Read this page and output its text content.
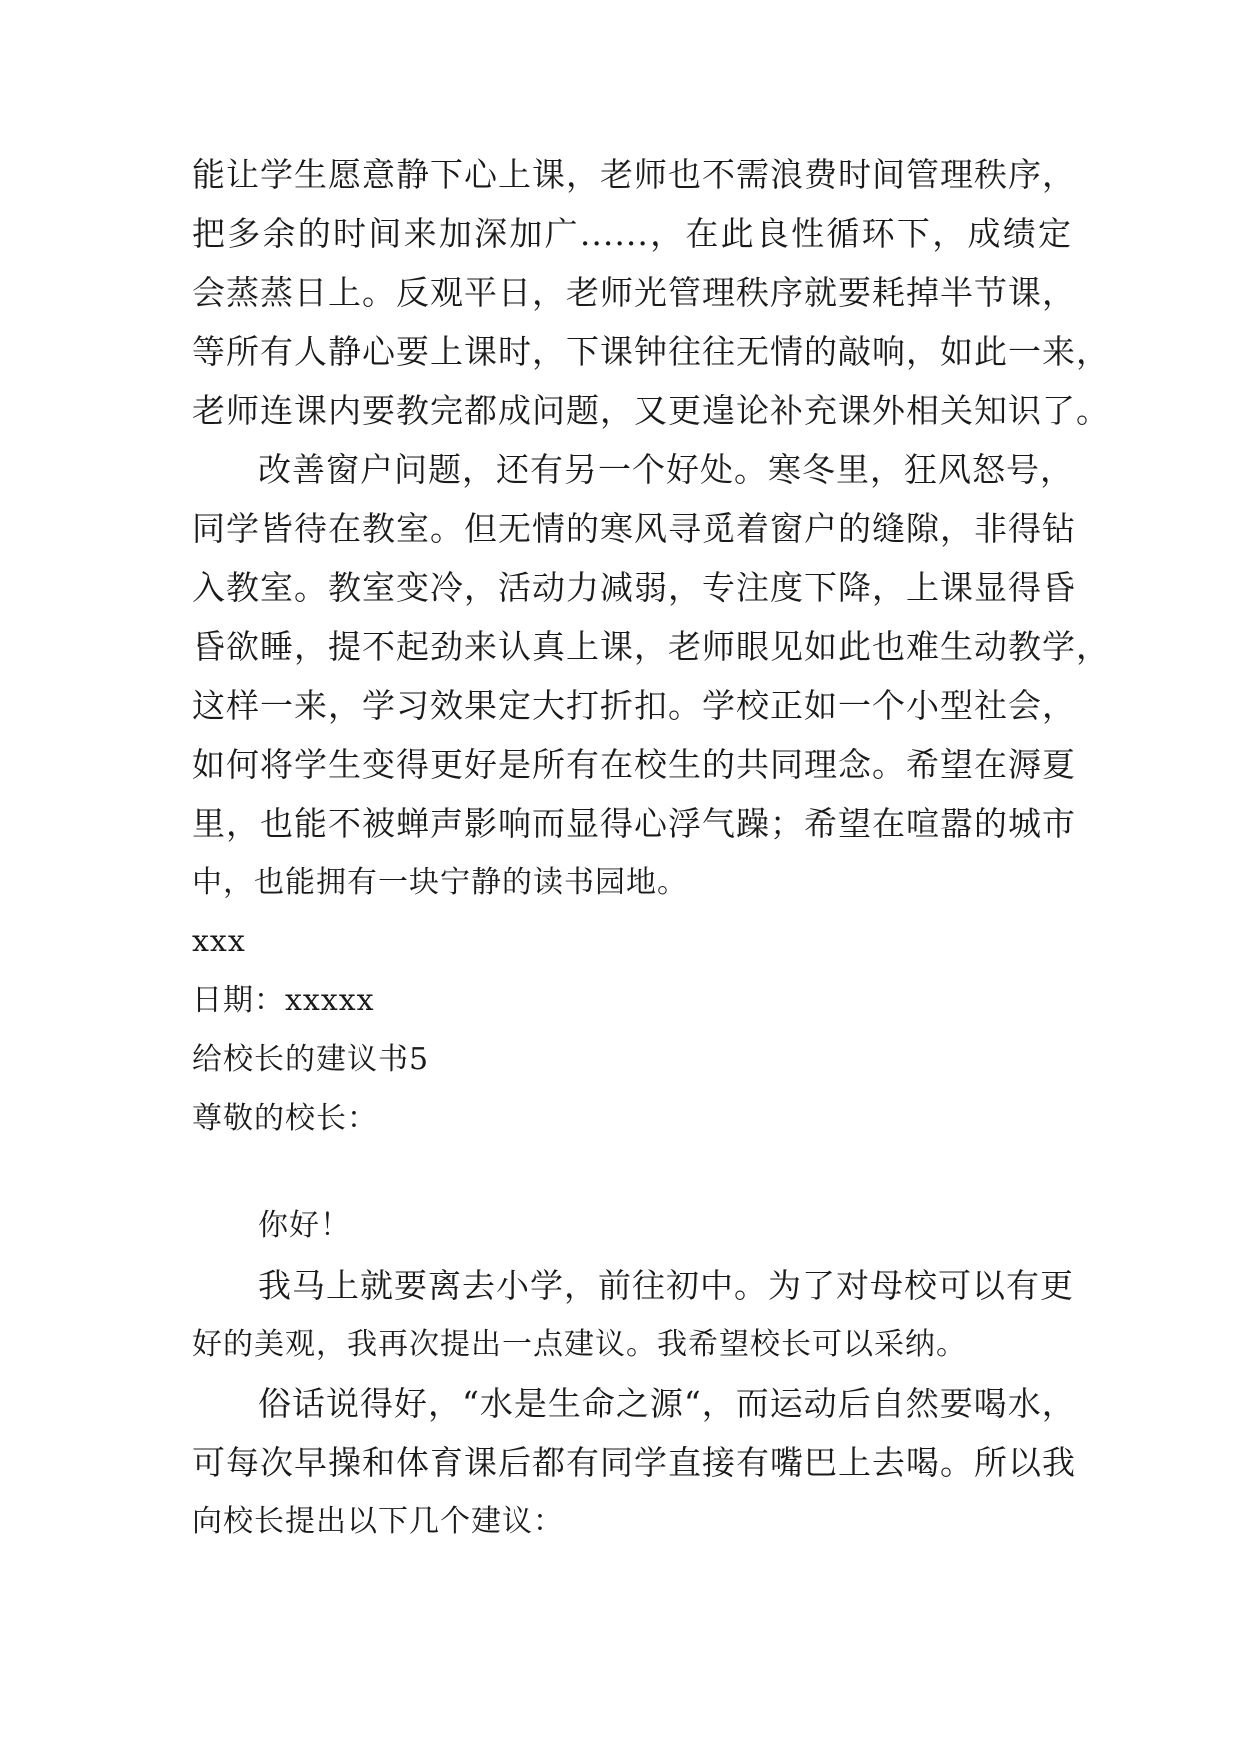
能让学生愿意静下心上课，老师也不需浪费时间管理秩序，
把多余的时间来加深加广......，在此良性循环下，成绩定
会蒸蒸日上。反观平日，老师光管理秩序就要耗掉半节课，
等所有人静心要上课时，下课钟往往无情的敲响，如此一来，
老师连课内要教完都成问题，又更遑论补充课外相关知识了。
改善窗户问题，还有另一个好处。寒冬里，狂风怒号，
同学皆待在教室。但无情的寒风寻觅着窗户的缝隙，非得钻
入教室。教室变冷，活动力减弱，专注度下降，上课显得昏
昏欲睡，提不起劲来认真上课，老师眼见如此也难生动教学，
这样一来，学习效果定大打折扣。学校正如一个小型社会，
如何将学生变得更好是所有在校生的共同理念。希望在溽夏
里，也能不被蝉声影响而显得心浮气躁；希望在喧嚣的城市
中，也能拥有一块宁静的读书园地。
xxx
日期：xxxxx
给校长的建议书5
尊敬的校长：
你好！
我马上就要离去小学，前往初中。为了对母校可以有更
好的美观，我再次提出一点建议。我希望校长可以采纳。
俗话说得好，“水是生命之源“，而运动后自然要喝水，
可每次早操和体育课后都有同学直接有嘴巴上去喝。所以我
向校长提出以下几个建议：
